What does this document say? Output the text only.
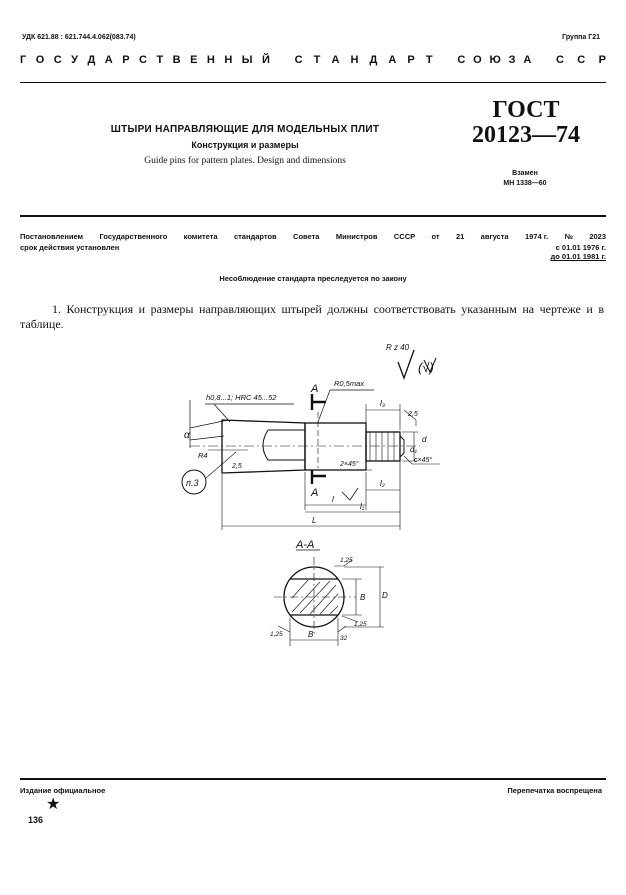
УДК 621.88 : 621.744.4.062(083.74)	Группа Г21
Г О С У Д А Р С Т В Е Н Н Ы Й С Т А Н Д А Р Т С О Ю З А С С Р
ШТЫРИ НАПРАВЛЯЮЩИЕ ДЛЯ МОДЕЛЬНЫХ ПЛИТ
Конструкция и размеры
Guide pins for pattern plates. Design and dimensions
ГОСТ
20123—74
Взамен
МН 1338—60
Постановлением Государственного комитета стандартов Совета Министров СССР от 21 августа 1974 г. № 2023
срок действия установлен	с 01.01 1976 г.
до 01.01 1981 г.
Несоблюдение стандарта преследуется по закону
1. Конструкция и размеры направляющих штырей должны соответствовать указанным на чертеже и в таблице.
R z 40
(√)
h0,8...1; HRC 45...52
A R0,5max
l₃
2,5
d₁
d
c×45°
α
R4
2,5
п.3
2×45°
A
l₂
l
l₁
L
A-A
1,25
B D
1,25
1,25	B	32
Издание официальное	Перепечатка воспрещена
★
136
